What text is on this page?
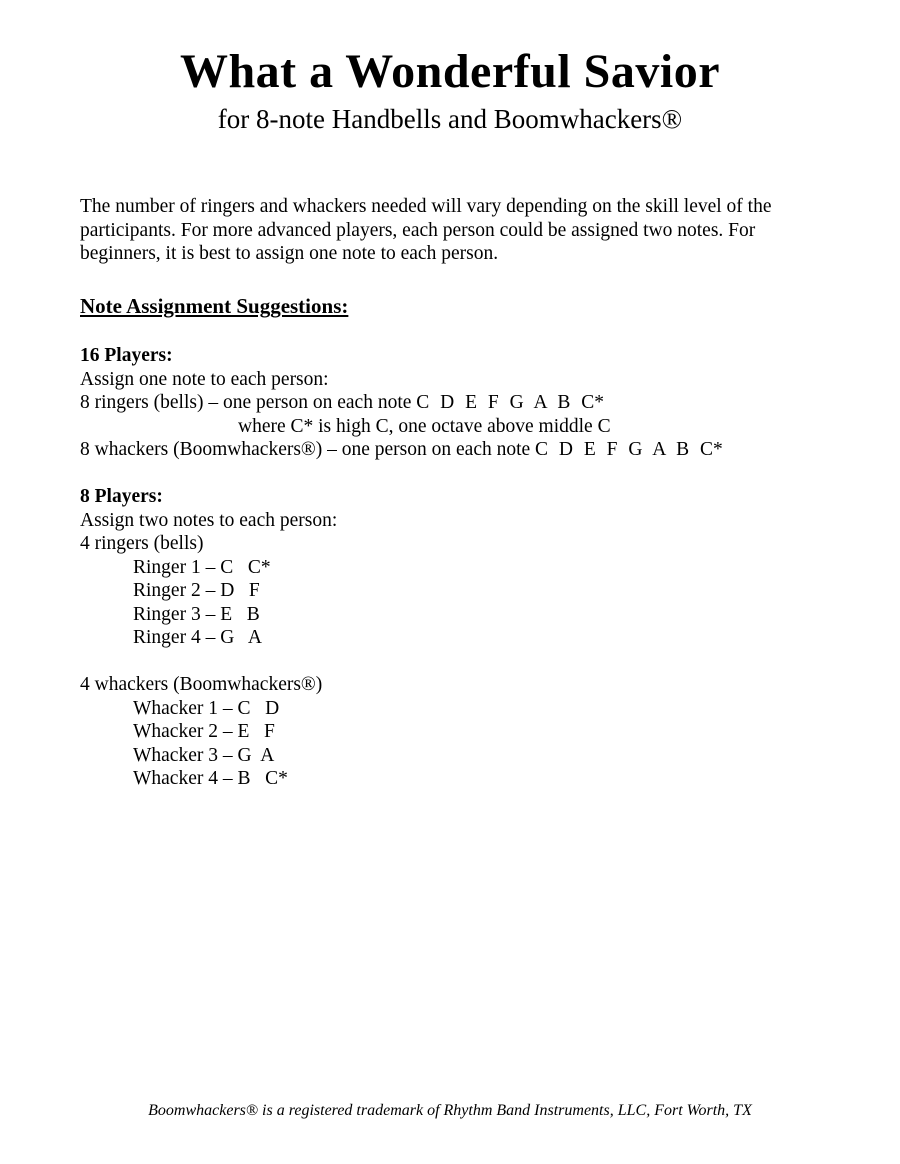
What a Wonderful Savior
for 8-note Handbells and Boomwhackers®
The number of ringers and whackers needed will vary depending on the skill level of the
participants. For more advanced players, each person could be assigned two notes. For
beginners, it is best to assign one note to each person.
Note Assignment Suggestions:
16 Players:
Assign one note to each person:
8 ringers (bells) – one person on each note C D E F G A B C*
where C* is high C, one octave above middle C
8 whackers (Boomwhackers®) – one person on each note C D E F G A B C*
8 Players:
Assign two notes to each person:
4 ringers (bells)
Ringer 1 – C   C*
Ringer 2 – D   F
Ringer 3 – E   B
Ringer 4 – G   A
4 whackers (Boomwhackers®)
Whacker 1 – C   D
Whacker 2 – E   F
Whacker 3 – G  A
Whacker 4 – B   C*
Boomwhackers® is a registered trademark of Rhythm Band Instruments, LLC, Fort Worth, TX
